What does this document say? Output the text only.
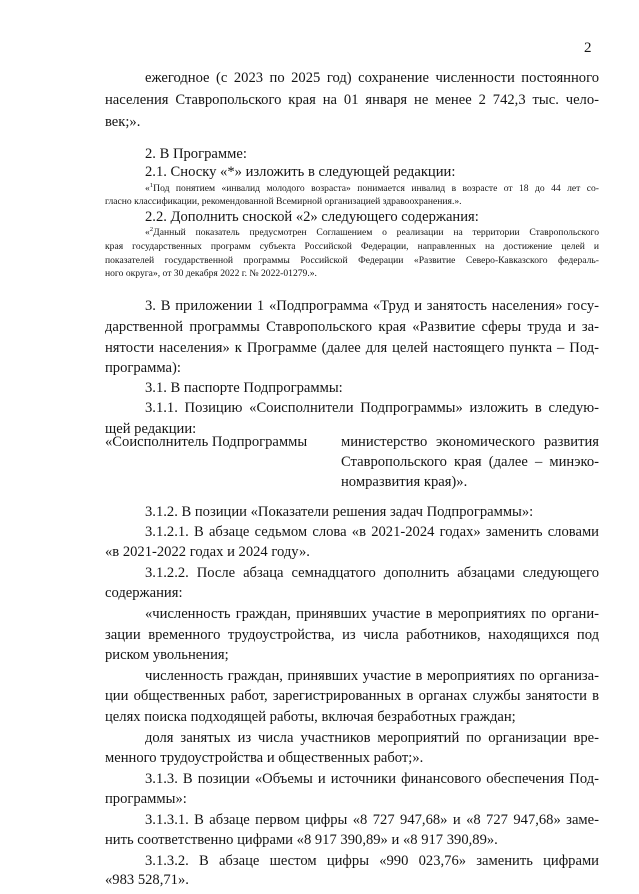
2
ежегодное (с 2023 по 2025 год) сохранение численности постоянного
населения Ставропольского края на 01 января не менее 2 742,3 тыс. чело-
век;».
2. В Программе:
2.1. Сноску «*» изложить в следующей редакции:
«$^1$Под понятием «инвалид молодого возраста» понимается инвалид в возрасте от 18 до 44 лет со-
гласно классификации, рекомендованной Всемирной организацией здравоохранения.».
2.2. Дополнить сноской «2» следующего содержания:
«$^2$Данный показатель предусмотрен Соглашением о реализации на территории Ставропольского
края государственных программ субъекта Российской Федерации, направленных на достижение целей и
показателей государственной программы Российской Федерации «Развитие Северо-Кавказского федераль-
ного округа», от 30 декабря 2022 г. № 2022-01279.».
3. В приложении 1 «Подпрограмма «Труд и занятость населения» госу-
дарственной программы Ставропольского края «Развитие сферы труда и за-
нятости населения» к Программе (далее для целей настоящего пункта – Под-
программа):
3.1. В паспорте Подпрограммы:
3.1.1. Позицию «Соисполнители Подпрограммы» изложить в следую-
щей редакции:
«Соисполнитель Подпрограммы министерство экономического развития
Ставропольского края (далее – минэко-
номразвития края)».
3.1.2. В позиции «Показатели решения задач Подпрограммы»:
3.1.2.1. В абзаце седьмом слова «в 2021-2024 годах» заменить словами
«в 2021-2022 годах и 2024 году».
3.1.2.2. После абзаца семнадцатого дополнить абзацами следующего
содержания:
«численность граждан, принявших участие в мероприятиях по органи-
зации временного трудоустройства, из числа работников, находящихся под
риском увольнения;
численность граждан, принявших участие в мероприятиях по организа-
ции общественных работ, зарегистрированных в органах службы занятости в
целях поиска подходящей работы, включая безработных граждан;
доля занятых из числа участников мероприятий по организации вре-
менного трудоустройства и общественных работ;».
3.1.3. В позиции «Объемы и источники финансового обеспечения Под-
программы»:
3.1.3.1. В абзаце первом цифры «8 727 947,68» и «8 727 947,68» заме-
нить соответственно цифрами «8 917 390,89» и «8 917 390,89».
3.1.3.2. В абзаце шестом цифры «990 023,76» заменить цифрами
«983 528,71».
